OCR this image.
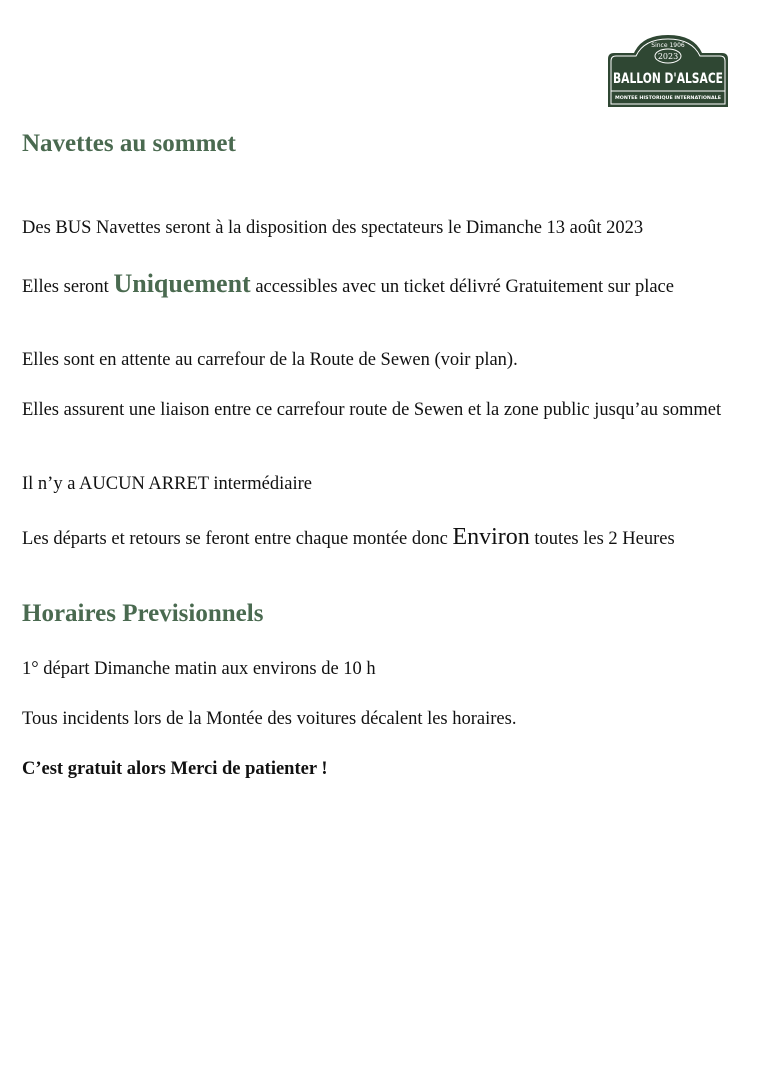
Since 1906
2023
BALLON D'ALSACE
MONTEE HISTORIQUE INTERNATIONALE
Navettes au sommet

Des BUS Navettes seront à la disposition des spectateurs le Dimanche 13 août 2023

Elles seront Uniquement accessibles avec un ticket délivré Gratuitement sur place

Elles sont en attente au carrefour de la Route de Sewen (voir plan).

Elles assurent une liaison entre ce carrefour route de Sewen et la zone public jusqu’au sommet

Il n’y a AUCUN ARRET intermédiaire

Les départs et retours se feront entre chaque montée donc Environ toutes les 2 Heures

Horaires Previsionnels

1° départ Dimanche matin aux environs de 10 h

Tous incidents lors de la Montée des voitures décalent les horaires.

C’est gratuit alors Merci de patienter !
